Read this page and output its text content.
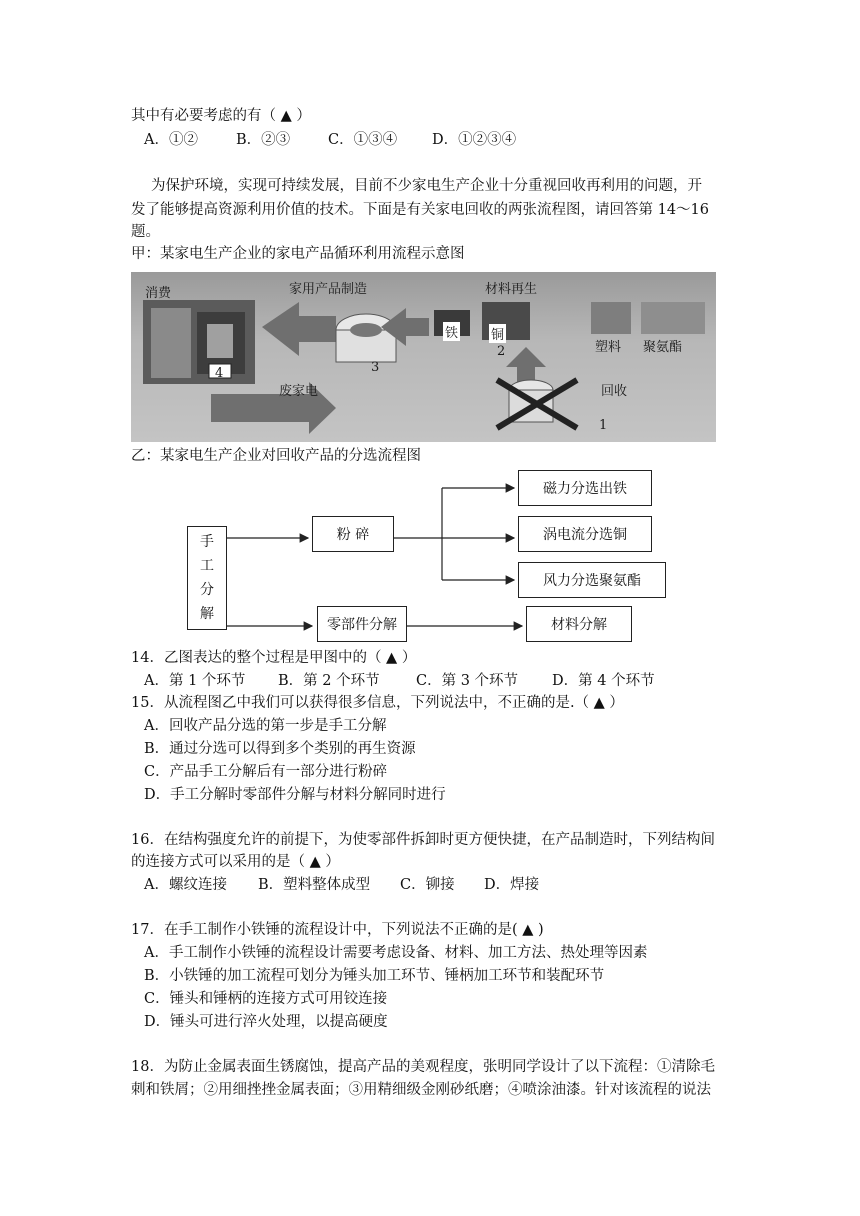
其中有必要考虑的有（ ▲ ）
A．①②	B．②③	C．①③④ D．①②③④
为保护环境，实现可持续发展，目前不少家电生产企业十分重视回收再利用的问题，开
发了能够提高资源利用价值的技术。下面是有关家电回收的两张流程图，请回答第 14～16
题。
甲：某家电生产企业的家电产品循环利用流程示意图
消费	家用产品制造	材料再生
铁	铜
塑料 聚氨酯
废家电	回收
1
2
3
4
乙：某家电生产企业对回收产品的分选流程图
手
工
分
解
粉 碎
磁力分选出铁
涡电流分选铜
风力分选聚氨酯
零部件分解	材料分解
14．乙图表达的整个过程是甲图中的（ ▲ ）
A．第 1 个环节 B．第 2 个环节	C．第 3 个环节 D．第 4 个环节
15．从流程图乙中我们可以获得很多信息，下列说法中，不正确的是.（ ▲ ）
A．回收产品分选的第一步是手工分解
B．通过分选可以得到多个类别的再生资源
C．产品手工分解后有一部分进行粉碎
D．手工分解时零部件分解与材料分解同时进行
16．在结构强度允许的前提下，为使零部件拆卸时更方便快捷，在产品制造时，下列结构间
的连接方式可以采用的是（ ▲ ）
A．螺纹连接 B．塑料整体成型 C．铆接 D．焊接
17．在手工制作小铁锤的流程设计中，下列说法不正确的是( ▲ )
A．手工制作小铁锤的流程设计需要考虑设备、材料、加工方法、热处理等因素
B．小铁锤的加工流程可划分为锤头加工环节、锤柄加工环节和装配环节
C．锤头和锤柄的连接方式可用铰连接
D．锤头可进行淬火处理，以提高硬度
18．为防止金属表面生锈腐蚀，提高产品的美观程度，张明同学设计了以下流程：①清除毛
刺和铁屑；②用细挫挫金属表面；③用精细级金刚砂纸磨；④喷涂油漆。针对该流程的说法
